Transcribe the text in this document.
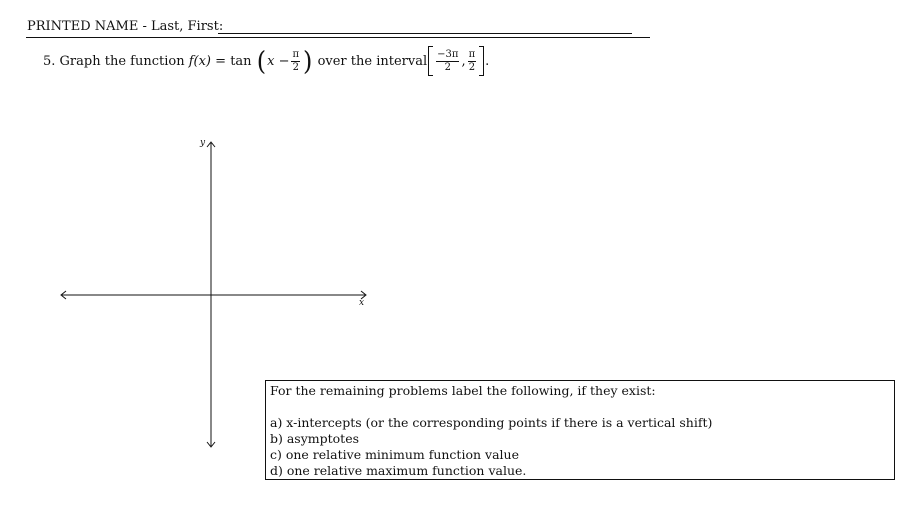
PRINTED NAME - Last, First:
5.
Graph the function
f (x)
=
tan
( x
− $\frac{\pi}{2}$ )
over the interval $\frac{-3\pi}{2}$ , $\frac{\pi}{2}$ .
y
x
For the remaining problems label the following, if they exist:
a) x-intercepts (or the corresponding points if there is a vertical shift)
b) asymptotes
c) one relative minimum function value
d) one relative maximum function value.
